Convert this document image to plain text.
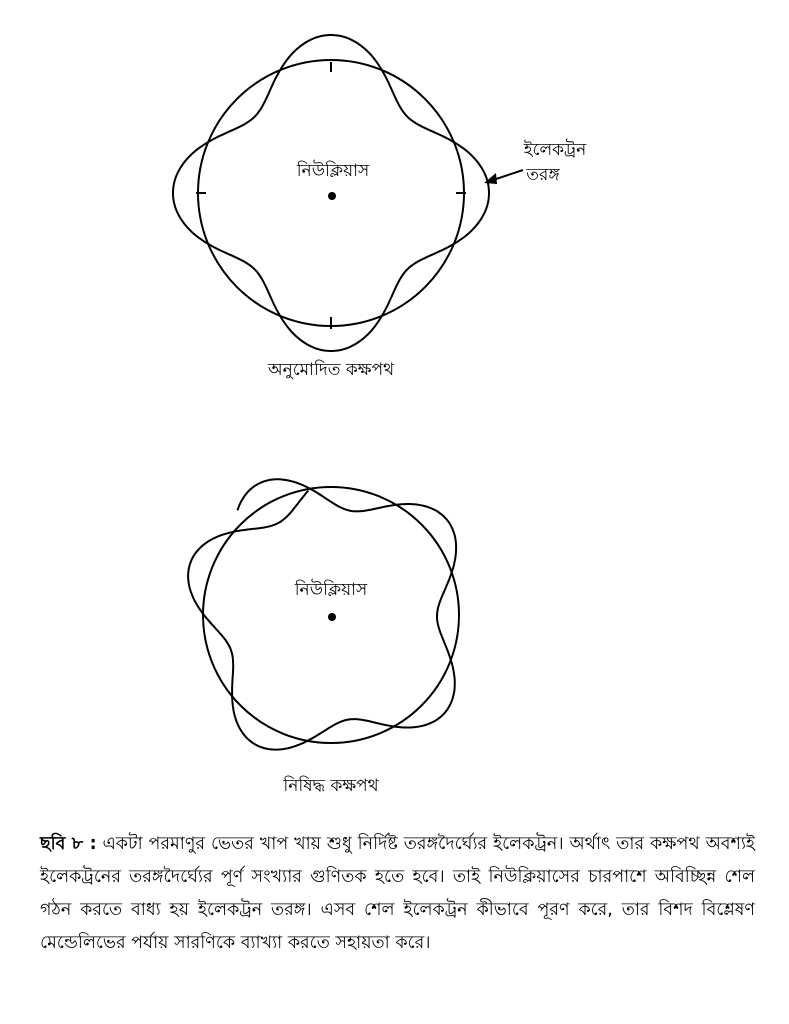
নিউক্লিয়াস
ইলেকট্রন
তরঙ্গ
অনুমোদিত কক্ষপথ
নিউক্লিয়াস
নিষিদ্ধ কক্ষপথ

ছবি ৮ : একটা পরমাণুর ভেতর খাপ খায় শুধু নির্দিষ্ট তরঙ্গদৈর্ঘ্যের ইলেকট্রন। অর্থাৎ তার কক্ষপথ অবশ্যই ইলেকট্রনের তরঙ্গদৈর্ঘ্যের পূর্ণ সংখ্যার গুণিতক হতে হবে। তাই নিউক্লিয়াসের চারপাশে অবিচ্ছিন্ন শেল গঠন করতে বাধ্য হয় ইলেকট্রন তরঙ্গ। এসব শেল ইলেকট্রন কীভাবে পূরণ করে, তার বিশদ বিশ্লেষণ মেন্ডেলিভের পর্যায় সারণিকে ব্যাখ্যা করতে সহায়তা করে।
